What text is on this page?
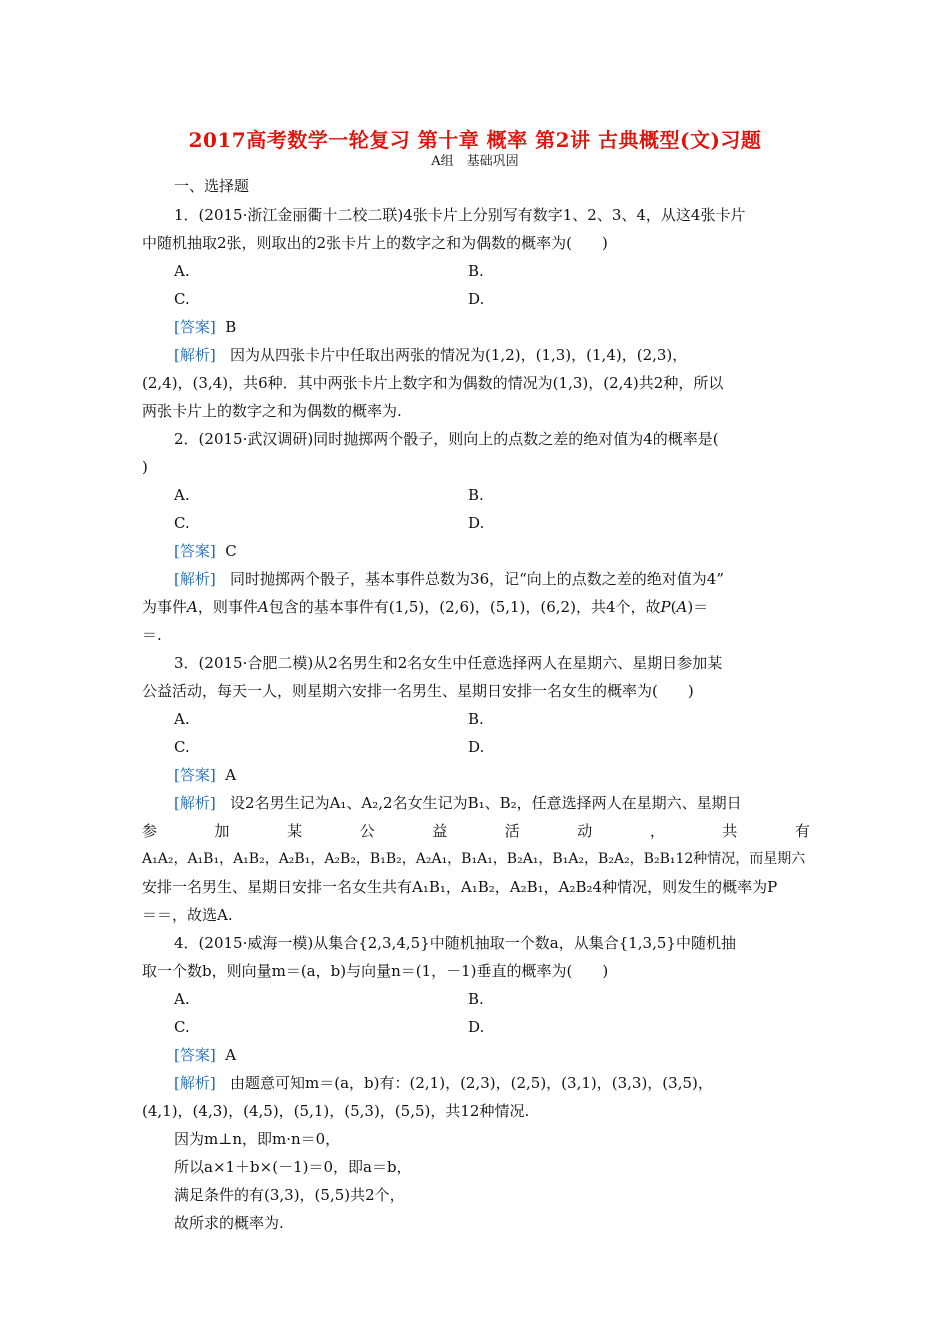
2017高考数学一轮复习 第十章 概率 第2讲 古典概型(文)习题
A组　基础巩固
一、选择题
1．(2015·浙江金丽衢十二校二联)4张卡片上分别写有数字1、2、3、4，从这4张卡片
中随机抽取2张，则取出的2张卡片上的数字之和为偶数的概率为(　　)
A.	B.
C.	D.
[答案] B
[解析] 因为从四张卡片中任取出两张的情况为(1,2)，(1,3)，(1,4)，(2,3)，
(2,4)，(3,4)，共6种．其中两张卡片上数字和为偶数的情况为(1,3)，(2,4)共2种，所以
两张卡片上的数字之和为偶数的概率为.
2．(2015·武汉调研)同时抛掷两个骰子，则向上的点数之差的绝对值为4的概率是(
)
A.	B.
C.	D.
[答案] C
[解析] 同时抛掷两个骰子，基本事件总数为36，记“向上的点数之差的绝对值为4”
为事件A，则事件A包含的基本事件有(1,5)，(2,6)，(5,1)，(6,2)，共4个，故P(A)＝
＝.
3．(2015·合肥二模)从2名男生和2名女生中任意选择两人在星期六、星期日参加某
公益活动，每天一人，则星期六安排一名男生、星期日安排一名女生的概率为(　　)
A.	B.
C.	D.
[答案] A
[解析] 设2名男生记为A₁、A₂,2名女生记为B₁、B₂，任意选择两人在星期六、星期日
参	加	某	公	益	活	动	，	共	有
A₁A₂，A₁B₁，A₁B₂，A₂B₁，A₂B₂，B₁B₂，A₂A₁，B₁A₁，B₂A₁，B₁A₂，B₂A₂，B₂B₁12种情况，而星期六
安排一名男生、星期日安排一名女生共有A₁B₁，A₁B₂，A₂B₁，A₂B₂4种情况，则发生的概率为P
＝＝，故选A.
4．(2015·威海一模)从集合{2,3,4,5}中随机抽取一个数a，从集合{1,3,5}中随机抽
取一个数b，则向量m＝(a，b)与向量n＝(1，－1)垂直的概率为(　　)
A.	B.
C.	D.
[答案] A
[解析] 由题意可知m＝(a，b)有：(2,1)，(2,3)，(2,5)，(3,1)，(3,3)，(3,5)，
(4,1)，(4,3)，(4,5)，(5,1)，(5,3)，(5,5)，共12种情况.
因为m⊥n，即m·n＝0，
所以a×1＋b×(－1)＝0，即a＝b，
满足条件的有(3,3)，(5,5)共2个，
故所求的概率为.
